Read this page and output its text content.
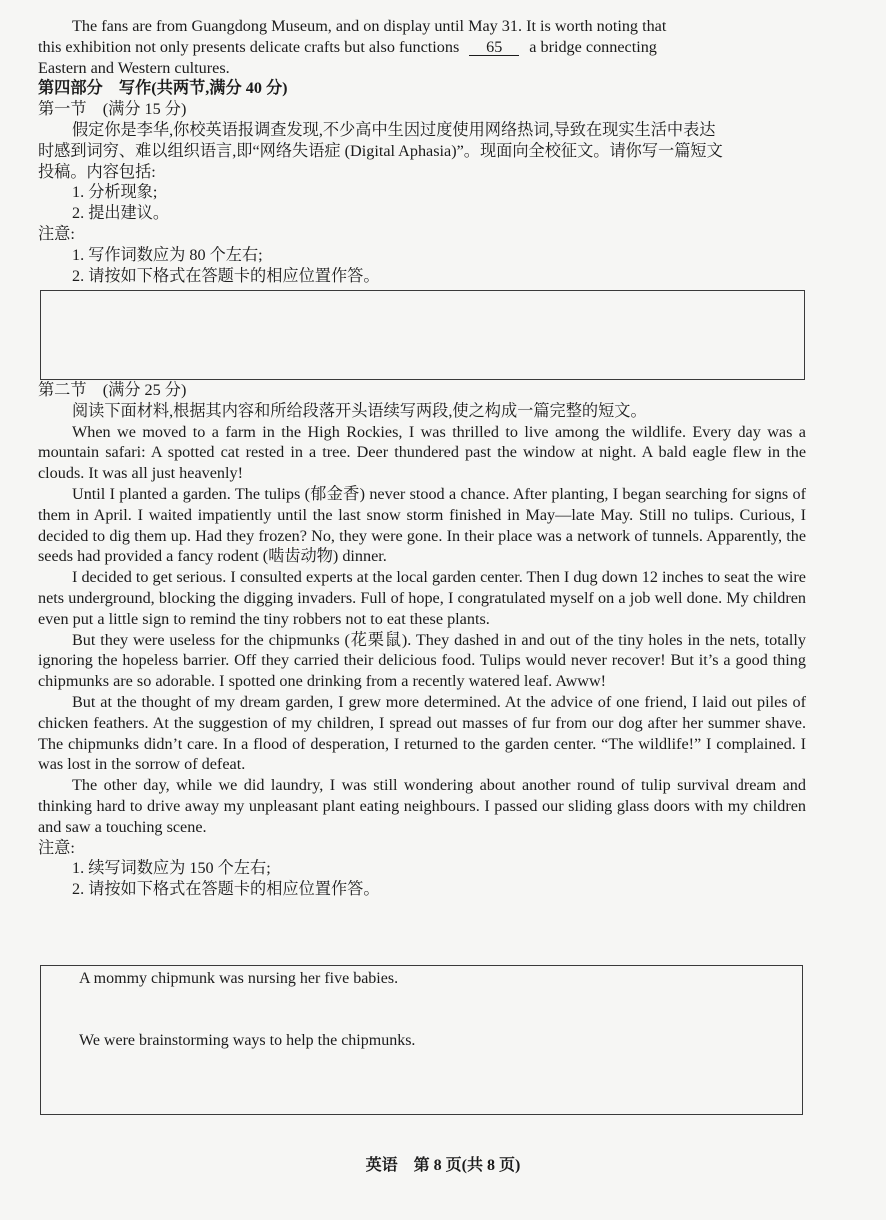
The fans are from Guangdong Museum, and on display until May 31. It is worth noting that

this exhibition not only presents delicate crafts but also functions 65 a bridge connecting

Eastern and Western cultures.

第四部分　写作(共两节,满分 40 分)

第一节　(满分 15 分)

假定你是李华,你校英语报调查发现,不少高中生因过度使用网络热词,导致在现实生活中表达

时感到词穷、难以组织语言,即“网络失语症 (Digital Aphasia)”。现面向全校征文。请你写一篇短文

投稿。内容包括:

1. 分析现象;

2. 提出建议。

注意:

1. 写作词数应为 80 个左右;

2. 请按如下格式在答题卡的相应位置作答。

第二节　(满分 25 分)

阅读下面材料,根据其内容和所给段落开头语续写两段,使之构成一篇完整的短文。

When we moved to a farm in the High Rockies, I was thrilled to live among the wildlife. Every day was a mountain safari: A spotted cat rested in a tree. Deer thundered past the window at night. A bald eagle flew in the clouds. It was all just heavenly!

Until I planted a garden. The tulips (郁金香) never stood a chance. After planting, I began searching for signs of them in April. I waited impatiently until the last snow storm finished in May—late May. Still no tulips. Curious, I decided to dig them up. Had they frozen? No, they were gone. In their place was a network of tunnels. Apparently, the seeds had provided a fancy rodent (啮齿动物) dinner.

I decided to get serious. I consulted experts at the local garden center. Then I dug down 12 inches to seat the wire nets underground, blocking the digging invaders. Full of hope, I congratulated myself on a job well done. My children even put a little sign to remind the tiny robbers not to eat these plants.

But they were useless for the chipmunks (花栗鼠). They dashed in and out of the tiny holes in the nets, totally ignoring the hopeless barrier. Off they carried their delicious food. Tulips would never recover! But it’s a good thing chipmunks are so adorable. I spotted one drinking from a recently watered leaf. Awww!

But at the thought of my dream garden, I grew more determined. At the advice of one friend, I laid out piles of chicken feathers. At the suggestion of my children, I spread out masses of fur from our dog after her summer shave. The chipmunks didn’t care. In a flood of desperation, I returned to the garden center. “The wildlife!” I complained. I was lost in the sorrow of defeat.

The other day, while we did laundry, I was still wondering about another round of tulip survival dream and thinking hard to drive away my unpleasant plant eating neighbours. I passed our sliding glass doors with my children and saw a touching scene.

注意:

1. 续写词数应为 150 个左右;

2. 请按如下格式在答题卡的相应位置作答。

A mommy chipmunk was nursing her five babies.

We were brainstorming ways to help the chipmunks.

英语　第 8 页(共 8 页)
